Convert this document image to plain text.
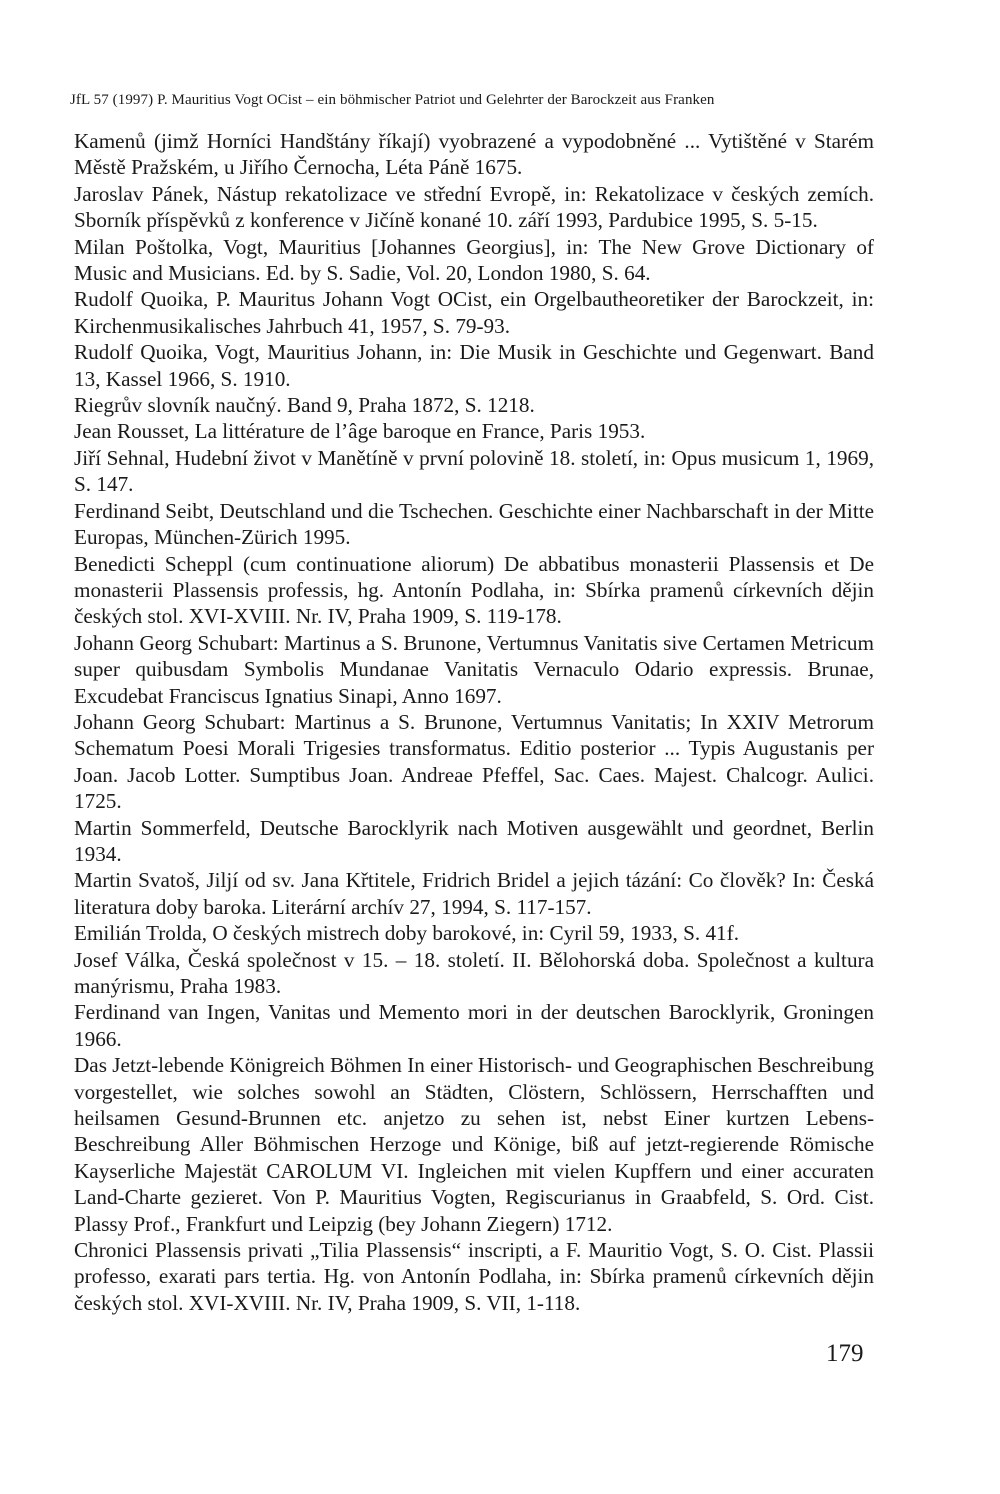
JfL 57 (1997) P. Mauritius Vogt OCist – ein böhmischer Patriot und Gelehrter der Barockzeit aus Franken

Kamenů (jimž Horníci Handštány říkají) vyobrazené a vypodobněné ... Vytištěné v Starém Městě Pražském, u Jiřího Černocha, Léta Páně 1675.

Jaroslav Pánek, Nástup rekatolizace ve střední Evropě, in: Rekatolizace v českých zemích. Sborník příspěvků z konference v Jičíně konané 10. září 1993, Pardubice 1995, S. 5-15.

Milan Poštolka, Vogt, Mauritius [Johannes Georgius], in: The New Grove Dictionary of Music and Musicians. Ed. by S. Sadie, Vol. 20, London 1980, S. 64.

Rudolf Quoika, P. Mauritus Johann Vogt OCist, ein Orgelbautheoretiker der Barockzeit, in: Kirchenmusikalisches Jahrbuch 41, 1957, S. 79-93.

Rudolf Quoika, Vogt, Mauritius Johann, in: Die Musik in Geschichte und Gegenwart. Band 13, Kassel 1966, S. 1910.

Riegrův slovník naučný. Band 9, Praha 1872, S. 1218.

Jean Rousset, La littérature de l’âge baroque en France, Paris 1953.

Jiří Sehnal, Hudební život v Manětíně v první polovině 18. století, in: Opus musicum 1, 1969, S. 147.

Ferdinand Seibt, Deutschland und die Tschechen. Geschichte einer Nachbarschaft in der Mitte Europas, München-Zürich 1995.

Benedicti Scheppl (cum continuatione aliorum) De abbatibus monasterii Plassensis et De monasterii Plassensis professis, hg. Antonín Podlaha, in: Sbírka pramenů církevních dějin českých stol. XVI-XVIII. Nr. IV, Praha 1909, S. 119-178.

Johann Georg Schubart: Martinus a S. Brunone, Vertumnus Vanitatis sive Certamen Metricum super quibusdam Symbolis Mundanae Vanitatis Vernaculo Odario expressis. Brunae, Excudebat Franciscus Ignatius Sinapi, Anno 1697.

Johann Georg Schubart: Martinus a S. Brunone, Vertumnus Vanitatis; In XXIV Metrorum Schematum Poesi Morali Trigesies transformatus. Editio posterior ... Typis Augustanis per Joan. Jacob Lotter. Sumptibus Joan. Andreae Pfeffel, Sac. Caes. Majest. Chalcogr. Aulici. 1725.

Martin Sommerfeld, Deutsche Barocklyrik nach Motiven ausgewählt und geordnet, Berlin 1934.

Martin Svatoš, Jiljí od sv. Jana Křtitele, Fridrich Bridel a jejich tázání: Co člověk? In: Česká literatura doby baroka. Literární archív 27, 1994, S. 117-157.

Emilián Trolda, O českých mistrech doby barokové, in: Cyril 59, 1933, S. 41f.

Josef Válka, Česká společnost v 15. – 18. století. II. Bělohorská doba. Společnost a kultura manýrismu, Praha 1983.

Ferdinand van Ingen, Vanitas und Memento mori in der deutschen Barocklyrik, Groningen 1966.

Das Jetzt-lebende Königreich Böhmen In einer Historisch- und Geographischen Beschreibung vorgestellet, wie solches sowohl an Städten, Clöstern, Schlössern, Herrschafften und heilsamen Gesund-Brunnen etc. anjetzo zu sehen ist, nebst Einer kurtzen Lebens-Beschreibung Aller Böhmischen Herzoge und Könige, biß auf jetzt-regierende Römische Kayserliche Majestät CAROLUM VI. Ingleichen mit vielen Kupffern und einer accuraten Land-Charte gezieret. Von P. Mauritius Vogten, Regiscurianus in Graabfeld, S. Ord. Cist. Plassy Prof., Frankfurt und Leipzig (bey Johann Ziegern) 1712.

Chronici Plassensis privati „Tilia Plassensis“ inscripti, a F. Mauritio Vogt, S. O. Cist. Plassii professo, exarati pars tertia. Hg. von Antonín Podlaha, in: Sbírka pramenů církevních dějin českých stol. XVI-XVIII. Nr. IV, Praha 1909, S. VII, 1-118.

179
